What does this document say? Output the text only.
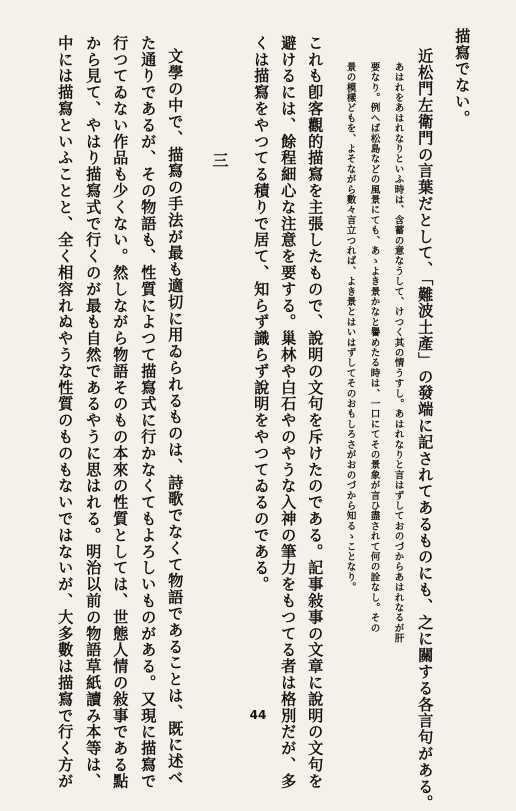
描寫でない。
近松門左衛門の言葉だとして、「難波土產」の發端に記されてあるものにも、之に關する各言句がある。
あはれをあはれなりといふ時は、含蓄の意なうして、けつく其の情うすし。あはれなりと言はずしておのづからあはれなるが肝
要なり。例へば松島などの風景にても、あゝよき景かなと譽めたる時は、一口にてその景象が言ひ盡されて何の詮なし。その
景の模樣どもを、よそながら數々言立つれば、よき景とはいはずしてそのおもしろさがおのづから知るゝことなり。
これも卽客觀的描寫を主張したもので、說明の文句を斥けたのである。記事敍事の文章に說明の文句を
避けるには、餘程細心な注意を要する。巢林や白石やのやうな入神の筆力をもつてる者は格別だが、多
くは描寫をやつてる積りで居て、知らず識らず說明をやつてゐるのである。
三
文學の中で、描寫の手法が最も適切に用ゐられるものは、詩歌でなくて物語であることは、既に述べ
た通りであるが、その物語も、性質によつて描寫式に行かなくてもよろしいものがある。又現に描寫で
行つてゐない作品も少くない。然しながら物語そのもの本來の性質としては、世態人情の敍事である點
から見て、やはり描寫式で行くのが最も自然であるやうに思はれる。明治以前の物語草紙讀み本等は、
中には描寫といふことと、全く相容れぬやうな性質のものもないではないが、大多數は描寫で行く方が	44
